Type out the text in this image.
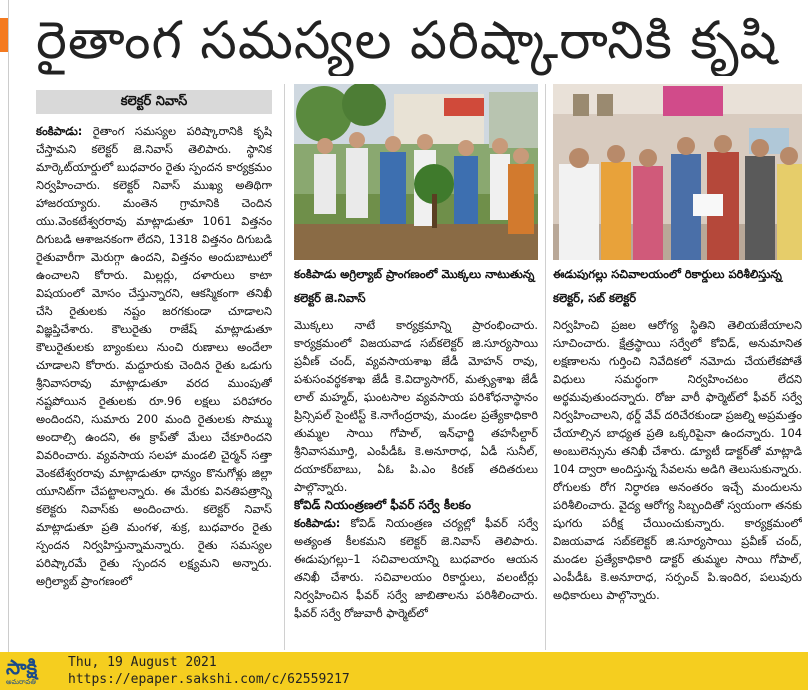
రైతాంగ సమస్యల పరిష్కారానికి కృషి
కలెక్టర్ నివాస్

కంకిపాడు: రైతాంగ సమస్యల పరిష్కారానికి కృషి చేస్తామని కలెక్టర్ జె.నివాస్ తెలిపారు. స్థానిక మార్కెట్‌యార్డులో బుధవారం రైతు స్పందన కార్యక్రమం నిర్వహించారు. కలెక్టర్ నివాస్ ముఖ్య అతిథిగా హాజరయ్యారు. మంతెన గ్రామానికి చెందిన యు.వెంకటేశ్వరరావు మాట్లాడుతూ 1061 విత్తనం దిగుబడి ఆశాజనకంగా లేదని, 1318 విత్తనం దిగుబడి రైతువారీగా మెరుగ్గా ఉందని, విత్తనం అందుబాటులో ఉంచాలని కోరారు. మిల్లర్లు, దళారులు కాటా విషయంలో మోసం చేస్తున్నారని, ఆకస్మికంగా తనిఖీ చేసి రైతులకు నష్టం జరగకుండా చూడాలని విజ్ఞప్తిచేశారు. కౌలురైతు రాజేష్ మాట్లాడుతూ కౌలురైతులకు బ్యాంకులు నుంచి రుణాలు అందేలా చూడాలని కోరారు. మద్దూరుకు చెందిన రైతు ఒడుగు శ్రీనివాసరావు మాట్లాడుతూ వరద ముంపుతో నష్టపోయిన రైతులకు రూ.96 లక్షలు పరిహారం అందిందని, సుమారు 200 మంది రైతులకు సొమ్ము అందాల్సి ఉందని, ఈ క్రాప్‌తో మేలు చేకూరిందని వివరించారు. వ్యవసాయ సలహా మండలి చైర్మన్ సత్తా వెంకటేశ్వరరావు మాట్లాడుతూ ధాన్యం కొనుగోళ్లు జిల్లా యూనిట్‌గా చేపట్టాలన్నారు. ఈ మేరకు వినతిపత్రాన్ని కలెక్టరు నివాస్‌కు అందించారు. కలెక్టర్ నివాస్ మాట్లాడుతూ ప్రతి మంగళ, శుక్ర, బుధవారం రైతు స్పందన నిర్వహిస్తున్నామన్నారు. రైతు సమస్యల పరిష్కారమే రైతు స్పందన లక్ష్యమని అన్నారు. అగ్రిల్యాబ్ ప్రాంగణంలో

కంకిపాడు అగ్రిల్యాబ్ ప్రాంగణంలో మొక్కలు నాటుతున్న కలెక్టర్ జె.నివాస్
ఈడుపుగల్లు సచివాలయంలో రికార్డులు పరిశీలిస్తున్న కలెక్టర్, సబ్ కలెక్టర్

మొక్కలు నాటే కార్యక్రమాన్ని ప్రారంభించారు. కార్యక్రమంలో విజయవాడ సబ్‌కలెక్టర్ జి.సూర్యసాయి ప్రవీణ్ చంద్, వ్యవసాయశాఖ జేడీ మోహన్ రావు, పశుసంవర్థకశాఖ జేడీ కె.విద్యాసాగర్, మత్స్యశాఖ జేడీ లాల్ మహ్మద్, ఘంటసాల వ్యవసాయ పరిశోధనాస్థానం ప్రిన్సిపల్ సైంటిస్ట్ కె.నాగేంద్రరావు, మండల ప్రత్యేకాధికారి తుమ్మల సాయి గోపాల్, ఇన్‌ఛార్జి తహసీల్దార్ శ్రీనివాసమూర్తి, ఎంపీడీఓ కె.అనూరాధ, ఏడీ సునీల్, దయాకర్‌బాబు, ఏఓ పి.ఎం కిరణ్ తదితరులు పాల్గొన్నారు.

కోవిడ్ నియంత్రణలో ఫీవర్ సర్వే కీలకం

కంకిపాడు: కోవిడ్ నియంత్రణ చర్యల్లో ఫీవర్ సర్వే అత్యంత కీలకమని కలెక్టర్ జె.నివాస్ తెలిపారు. ఈడుపుగల్లు–1 సచివాలయాన్ని బుధవారం ఆయన తనిఖీ చేశారు. సచివాలయం రికార్డులు, వలంటీర్లు నిర్వహించిన ఫీవర్ సర్వే జాబితాలను పరిశీలించారు. ఫీవర్ సర్వే రోజువారీ ఫార్మెట్‌లో

నిర్వహించి ప్రజల ఆరోగ్య స్థితిని తెలియజేయాలని సూచించారు. క్షేత్రస్థాయి సర్వేలో కోవిడ్, అనుమానిత లక్షణాలను గుర్తించి నివేదికలో నమోదు చేయలేకపోతే విధులు సమర్థంగా నిర్వహించటం లేదని అర్థమవుతుందన్నారు. రోజు వారీ ఫార్మెట్‌లో ఫీవర్ సర్వే నిర్వహించాలని, థర్డ్ వేవ్ దరిచేరకుండా ప్రజల్ని అప్రమత్తం చేయాల్సిన బాధ్యత ప్రతి ఒక్కరిపైనా ఉందన్నారు. 104 అంబులెన్సును తనిఖీ చేశారు. డ్యూటీ డాక్టర్‌తో మాట్లాడి 104 ద్వారా అందిస్తున్న సేవలను అడిగి తెలుసుకున్నారు. రోగులకు రోగ నిర్ధారణ అనంతరం ఇచ్చే మందులను పరిశీలించారు. వైద్య ఆరోగ్య సిబ్బందితో స్వయంగా తనకు షుగరు పరీక్ష చేయించుకున్నారు. కార్యక్రమంలో విజయవాడ సబ్‌కలెక్టర్ జి.సూర్యసాయి ప్రవీణ్ చంద్, మండల ప్రత్యేకాధికారి డాక్టర్ తుమ్మల సాయి గోపాల్, ఎంపీడీఓ కె.అనూరాధ, సర్పంచ్ పి.ఇందిర, పలువురు అధికారులు పాల్గొన్నారు.

సాక్షి
అమరావతి
Thu, 19 August 2021
https://epaper.sakshi.com/c/62559217
